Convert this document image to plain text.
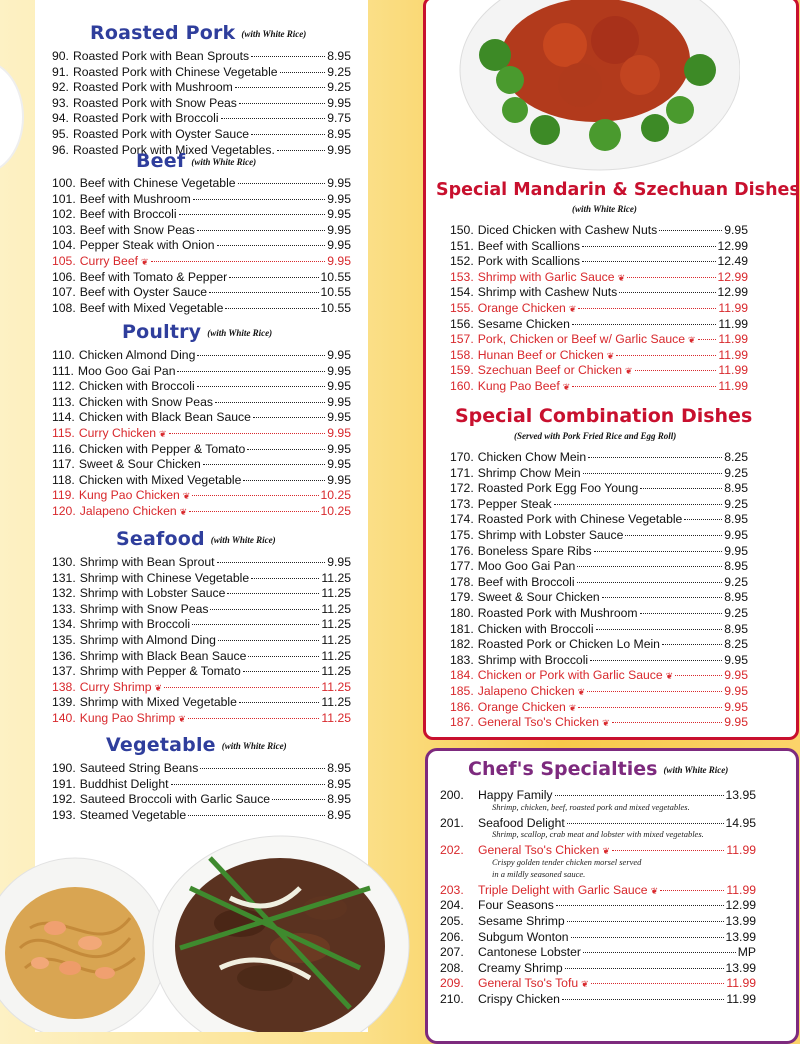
Roasted Pork (with White Rice)
90. Roasted Pork with Bean Sprouts	8.95
91. Roasted Pork with Chinese Vegetable	9.25
92. Roasted Pork with Mushroom	9.25
93. Roasted Pork with Snow Peas	9.95
94. Roasted Pork with Broccoli	9.75
95. Roasted Pork with Oyster Sauce	8.95
96. Roasted Pork with Mixed Vegetables.	9.95
Beef (with White Rice)
100. Beef with Chinese Vegetable	9.95
101. Beef with Mushroom	9.95
102. Beef with Broccoli	9.95
103. Beef with Snow Peas	9.95
104. Pepper Steak with Onion	9.95
105. Curry Beef ❦	9.95
106. Beef with Tomato & Pepper	10.55
107. Beef with Oyster Sauce	10.55
108. Beef with Mixed Vegetable	10.55
Poultry (with White Rice)
110. Chicken Almond Ding	9.95
111. Moo Goo Gai Pan	9.95
112. Chicken with Broccoli	9.95
113. Chicken with Snow Peas	9.95
114. Chicken with Black Bean Sauce	9.95
115. Curry Chicken ❦	9.95
116. Chicken with Pepper & Tomato	9.95
117. Sweet & Sour Chicken	9.95
118. Chicken with Mixed Vegetable	9.95
119. Kung Pao Chicken ❦	10.25
120. Jalapeno Chicken ❦	10.25
Seafood (with White Rice)
130. Shrimp with Bean Sprout	9.95
131. Shrimp with Chinese Vegetable	11.25
132. Shrimp with Lobster Sauce	11.25
133. Shrimp with Snow Peas	11.25
134. Shrimp with Broccoli	11.25
135. Shrimp with Almond Ding	11.25
136. Shrimp with Black Bean Sauce	11.25
137. Shrimp with Pepper & Tomato	11.25
138. Curry Shrimp ❦	11.25
139. Shrimp with Mixed Vegetable	11.25
140. Kung Pao Shrimp ❦	11.25
Vegetable (with White Rice)
190. Sauteed String Beans	8.95
191. Buddhist Delight	8.95
192. Sauteed Broccoli with Garlic Sauce	8.95
193. Steamed Vegetable	8.95
Special Mandarin & Szechuan Dishes
(with White Rice)
150. Diced Chicken with Cashew Nuts	9.95
151. Beef with Scallions	12.99
152. Pork with Scallions	12.49
153. Shrimp with Garlic Sauce ❦	12.99
154. Shrimp with Cashew Nuts	12.99
155. Orange Chicken ❦	11.99
156. Sesame Chicken	11.99
157. Pork, Chicken or Beef w/ Garlic Sauce ❦ 11.99
158. Hunan Beef or Chicken ❦	11.99
159. Szechuan Beef or Chicken ❦	11.99
160. Kung Pao Beef ❦	11.99
Special Combination Dishes
(Served with Pork Fried Rice and Egg Roll)
170. Chicken Chow Mein	8.25
171. Shrimp Chow Mein	9.25
172. Roasted Pork Egg Foo Young	8.95
173. Pepper Steak	9.25
174. Roasted Pork with Chinese Vegetable	8.95
175. Shrimp with Lobster Sauce	9.95
176. Boneless Spare Ribs	9.95
177. Moo Goo Gai Pan	8.95
178. Beef with Broccoli	9.25
179. Sweet & Sour Chicken	8.95
180. Roasted Pork with Mushroom	9.25
181. Chicken with Broccoli	8.95
182. Roasted Pork or Chicken Lo Mein	8.25
183. Shrimp with Broccoli	9.95
184. Chicken or Pork with Garlic Sauce ❦	9.95
185. Jalapeno Chicken ❦	9.95
186. Orange Chicken ❦	9.95
187. General Tso's Chicken ❦	9.95
Chef's Specialties (with White Rice)
200.	Happy Family	13.95
Shrimp, chicken, beef, roasted pork and mixed vegetables.
201.	Seafood Delight	14.95
Shrimp, scallop, crab meat and lobster with mixed vegetables.
202.	General Tso's Chicken ❦	11.99
Crispy golden tender chicken morsel served
in a mildly seasoned sauce.
203.	Triple Delight with Garlic Sauce ❦	11.99
204.	Four Seasons	12.99
205.	Sesame Shrimp	13.99
206.	Subgum Wonton	13.99
207.	Cantonese Lobster	MP
208.	Creamy Shrimp	13.99
209.	General Tso's Tofu ❦	11.99
210.	Crispy Chicken	11.99
